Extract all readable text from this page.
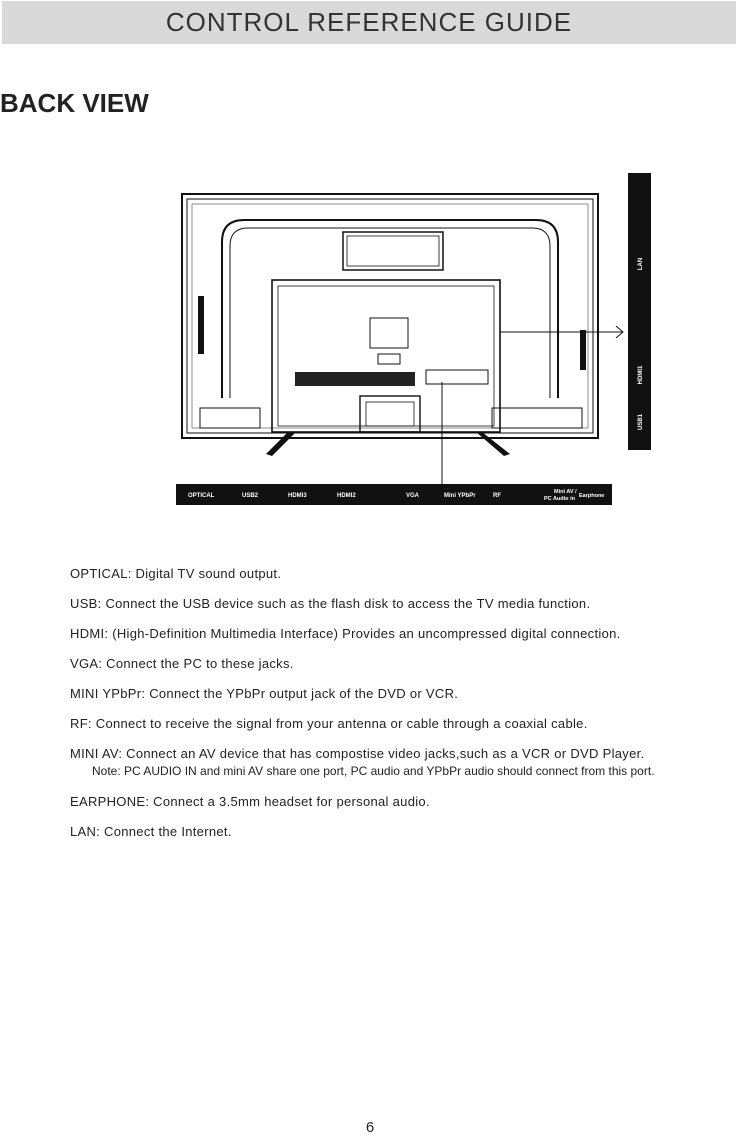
CONTROL REFERENCE GUIDE
BACK VIEW
LAN
HDMI1
USB1
OPTICAL	USB2	HDMI3	HDMI2	VGA	Mini YPbPr	RF
Mini AV /
PC Audio in Earphone
OPTICAL: Digital TV sound output.
USB: Connect the USB device such as the flash disk to access the TV media function.
HDMI: (High-Definition Multimedia Interface) Provides an uncompressed digital connection.
VGA: Connect the PC to these jacks.
MINI YPbPr: Connect the YPbPr output jack of the DVD or VCR.
RF: Connect to receive the signal from your antenna or cable through a coaxial cable.
MINI AV: Connect an AV device that has compostise video jacks,such as a VCR or DVD Player.
Note: PC AUDIO IN and mini AV share one port, PC audio and YPbPr audio should connect from this port.
EARPHONE: Connect a 3.5mm headset for personal audio.
LAN: Connect the Internet.
6
